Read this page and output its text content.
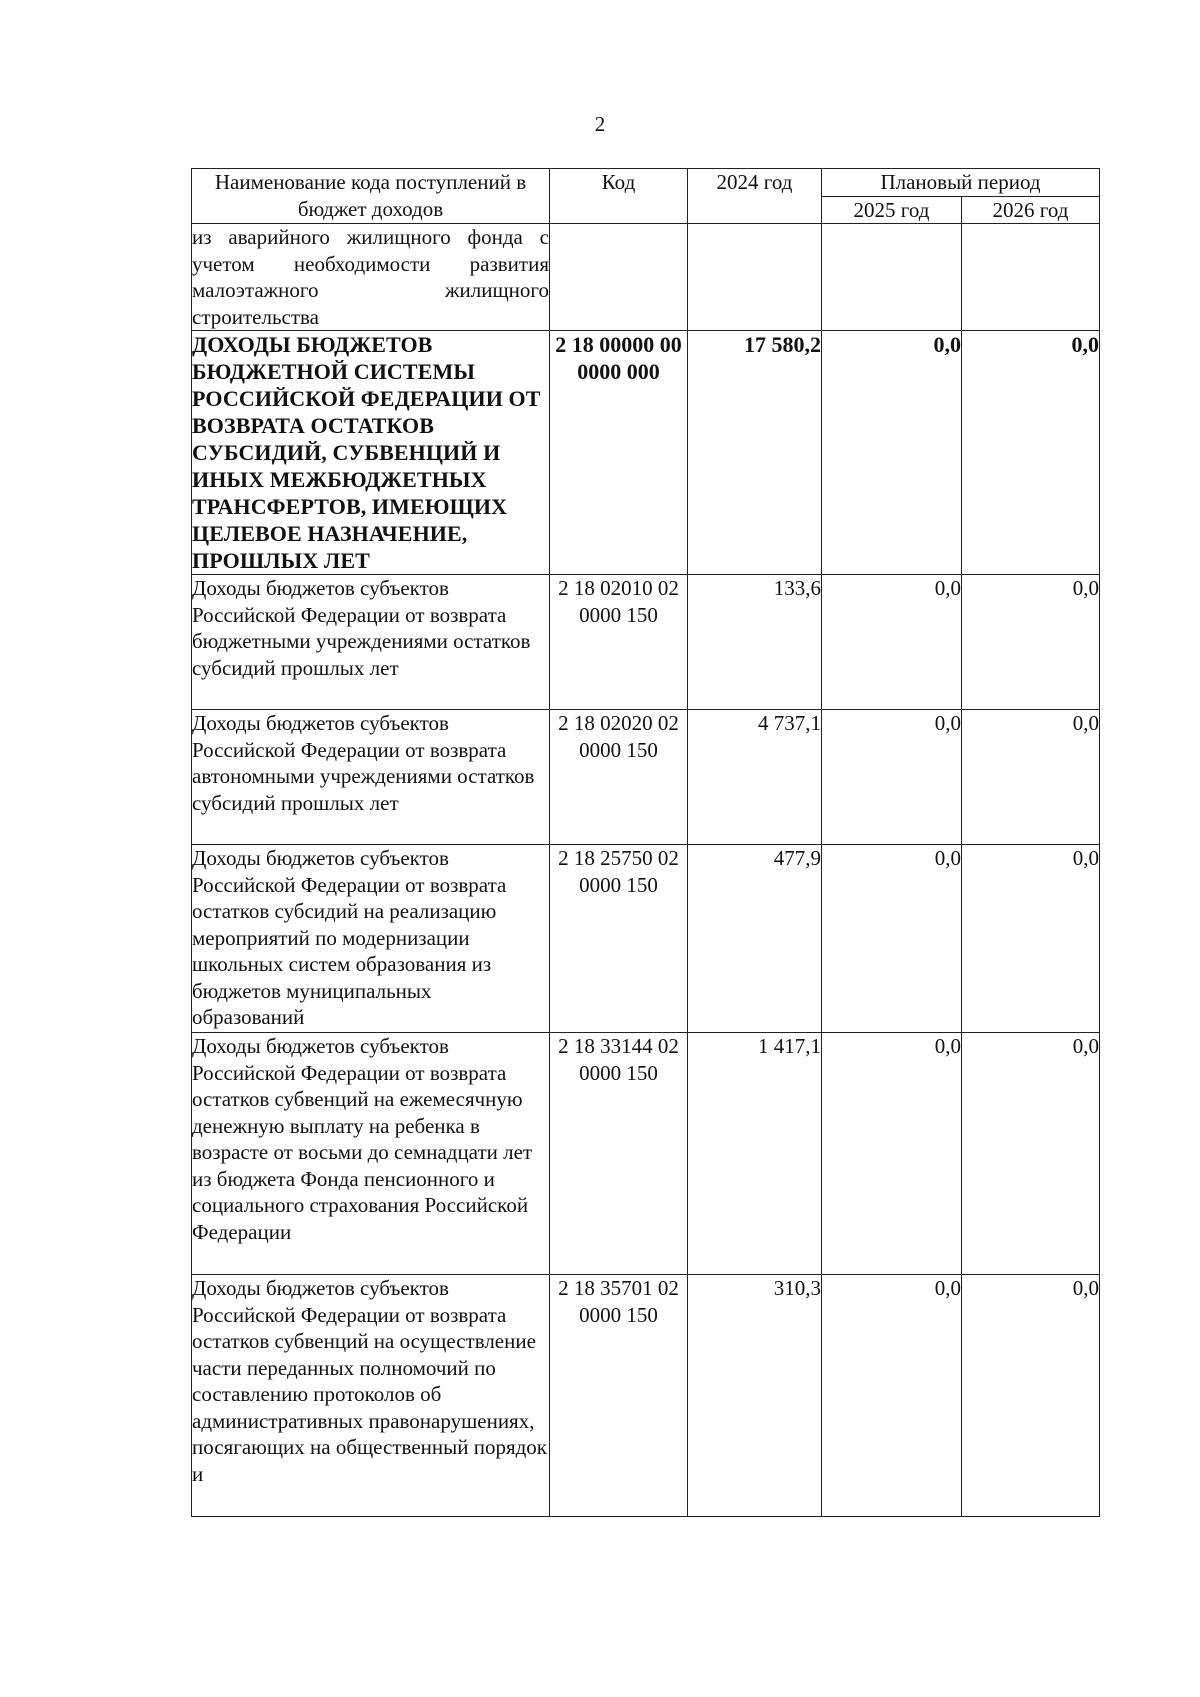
2
Наименование кода поступлений в бюджет доходов	Код	2024 год	Плановый период	
			2025 год	2026 год
из аварийного жилищного фонда с учетом необходимости развития малоэтажного жилищного строительства				
ДОХОДЫ БЮДЖЕТОВ БЮДЖЕТНОЙ СИСТЕМЫ РОССИЙСКОЙ ФЕДЕРАЦИИ ОТ ВОЗВРАТА ОСТАТКОВ СУБСИДИЙ, СУБВЕНЦИЙ И ИНЫХ МЕЖБЮДЖЕТНЫХ ТРАНСФЕРТОВ, ИМЕЮЩИХ ЦЕЛЕВОЕ НАЗНАЧЕНИЕ, ПРОШЛЫХ ЛЕТ	2 18 00000 00 0000 000	17 580,2	0,0	0,0
Доходы бюджетов субъектов Российской Федерации от возврата бюджетными учреждениями остатков субсидий прошлых лет	2 18 02010 02 0000 150	133,6	0,0	0,0
Доходы бюджетов субъектов Российской Федерации от возврата автономными учреждениями остатков субсидий прошлых лет	2 18 02020 02 0000 150	4 737,1	0,0	0,0
Доходы бюджетов субъектов Российской Федерации от возврата остатков субсидий на реализацию мероприятий по модернизации школьных систем образования из бюджетов муниципальных образований	2 18 25750 02 0000 150	477,9	0,0	0,0
Доходы бюджетов субъектов Российской Федерации от возврата остатков субвенций на ежемесячную денежную выплату на ребенка в возрасте от восьми до семнадцати лет из бюджета Фонда пенсионного и социального страхования Российской Федерации	2 18 33144 02 0000 150	1 417,1	0,0	0,0
Доходы бюджетов субъектов Российской Федерации от возврата остатков субвенций на осуществление части переданных полномочий по составлению протоколов об административных правонарушениях, посягающих на общественный порядок и	2 18 35701 02 0000 150	310,3	0,0	0,0
